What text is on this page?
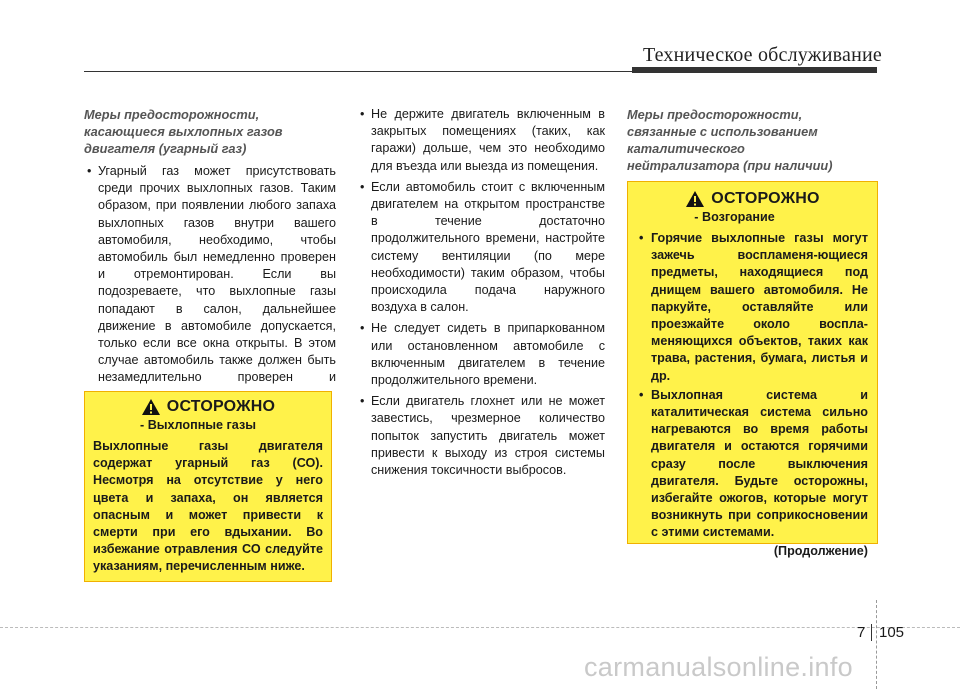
Техническое обслуживание
Меры предосторожности,
касающиеся выхлопных газов
двигателя (угарный газ)
• Угарный газ может присутствовать среди прочих выхлопных газов. Таким образом, при появлении любого запаха выхлопных газов внутри вашего автомобиля, необходимо, чтобы автомобиль был немедленно проверен и отремонтирован. Если вы подозреваете, что выхлопные газы попадают в салон, дальнейшее движение в автомобиле допускается, только если все окна открыты. В этом случае автомобиль также должен быть незамедлительно проверен и
ОСТОРОЖНО
- Выхлопные газы
Выхлопные газы двигателя содержат угарный газ (СО). Несмотря на отсутствие у него цвета и запаха, он является опасным и может привести к смерти при его вдыхании. Во избежание отравления СО следуйте указаниям, перечисленным ниже.
• Не держите двигатель включенным в закрытых помещениях (таких, как гаражи) дольше, чем это необходимо для въезда или выезда из помещения.
• Если автомобиль стоит с включенным двигателем на открытом пространстве в течение достаточно продолжительного времени, настройте систему вентиляции (по мере необходимости) таким образом, чтобы происходила подача наружного воздуха в салон.
• Не следует сидеть в припаркованном или остановленном автомобиле с включенным двигателем в течение продолжительного времени.
• Если двигатель глохнет или не может завестись, чрезмерное количество попыток запустить двигатель может привести к выходу из строя системы снижения токсичности выбросов.
Меры предосторожности,
связанные с использованием
каталитического
нейтрализатора (при наличии)
ОСТОРОЖНО
- Возгорание
• Горячие выхлопные газы могут зажечь воспламеня-ющиеся предметы, находящиеся под днищем вашего автомобиля. Не паркуйте, оставляйте или проезжайте около воспла-меняющихся объектов, таких как трава, растения, бумага, листья и др.
• Выхлопная система и каталитическая система сильно нагреваются во время работы двигателя и остаются горячими сразу после выключения двигателя. Будьте осторожны, избегайте ожогов, которые могут возникнуть при соприкосновении с этими системами.
(Продолжение)
7 105
carmanualsonline.info
